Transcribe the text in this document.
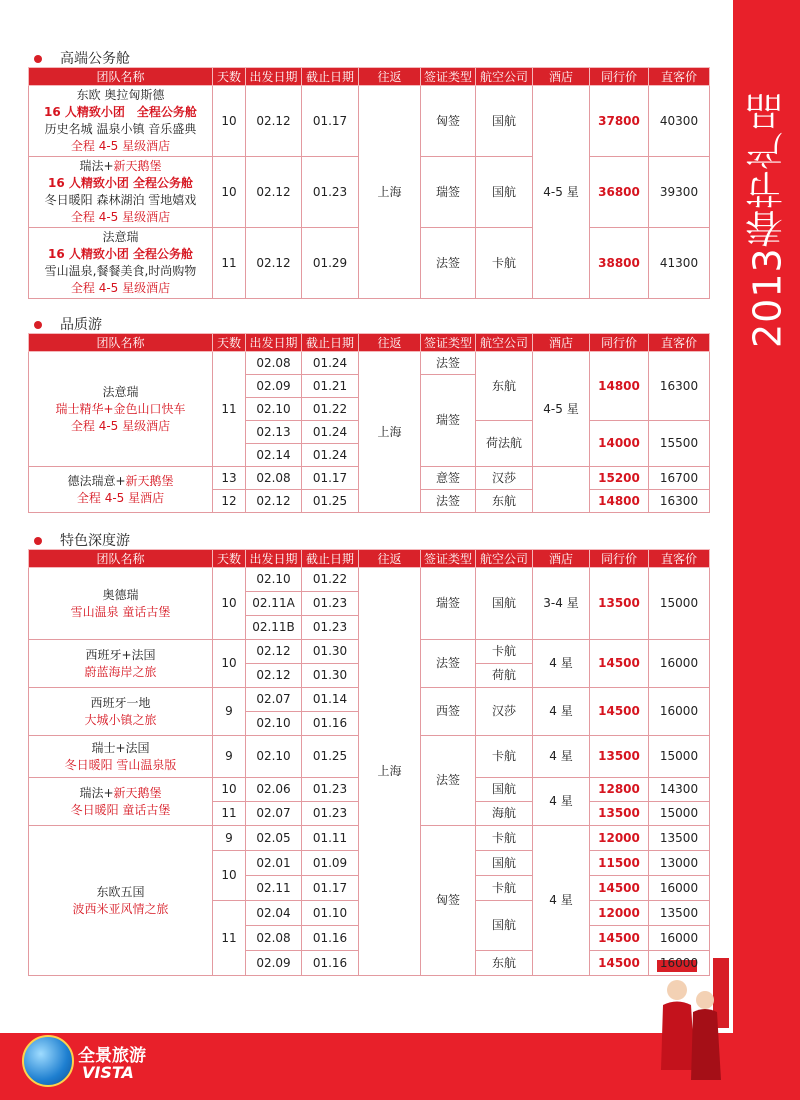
2013春节产品
全景旅游
VISTA
高端公务舱
团队名称	天数	出发日期	截止日期	往返	签证类型	航空公司	酒店	同行价	直客价

东欧 奥拉匈斯德
16 人精致小团　全程公务舱
历史名城 温泉小镇 音乐盛典
全程 4-5 星级酒店	10	02.12	01.17	上海	匈签	国航	4-5 星	37800	40300

瑞法+新天鹅堡
16 人精致小团 全程公务舱
冬日暖阳 森林湖泊 雪地嬉戏
全程 4-5 星级酒店	10	02.12	01.23		瑞签	国航		36800	39300

法意瑞
16 人精致小团 全程公务舱
雪山温泉,餐餐美食,时尚购物
全程 4-5 星级酒店	11	02.12	01.29		法签	卡航		38800	41300
品质游
团队名称	天数	出发日期	截止日期	往返	签证类型	航空公司	酒店	同行价	直客价

法意瑞
瑞士精华+金色山口快车
全程 4-5 星级酒店	11	02.08	01.24	上海	法签	东航	4-5 星	14800	16300
		02.09	01.21		瑞签				
		02.10	01.22						
		02.13	01.24			荷法航		14000	15500
		02.14	01.24						

德法瑞意+新天鹅堡
全程 4-5 星酒店	13	02.08	01.17		意签	汉莎		15200	16700
	12	02.12	01.25		法签	东航		14800	16300
特色深度游
团队名称	天数	出发日期	截止日期	往返	签证类型	航空公司	酒店	同行价	直客价

奥德瑞
雪山温泉 童话古堡	10	02.10	01.22	上海	瑞签	国航	3-4 星	13500	15000
		02.11A	01.23						
		02.11B	01.23						

西班牙+法国
蔚蓝海岸之旅	10	02.12	01.30		法签	卡航	4 星	14500	16000
		02.12	01.30			荷航			

西班牙一地
大城小镇之旅	9	02.07	01.14		西签	汉莎	4 星	14500	16000
		02.10	01.16						

瑞士+法国
冬日暖阳 雪山温泉版	9	02.10	01.25		法签	卡航	4 星	13500	15000

瑞法+新天鹅堡
冬日暖阳 童话古堡	10	02.06	01.23			国航	4 星	12800	14300
	11	02.07	01.23			海航		13500	15000

东欧五国
波西米亚风情之旅	9	02.05	01.11		匈签	卡航	4 星	12000	13500
	10	02.01	01.09			国航		11500	13000
		02.11	01.17			卡航		14500	16000
	11	02.04	01.10			国航		12000	13500
		02.08	01.16					14500	16000
		02.09	01.16			东航		14500	16000
